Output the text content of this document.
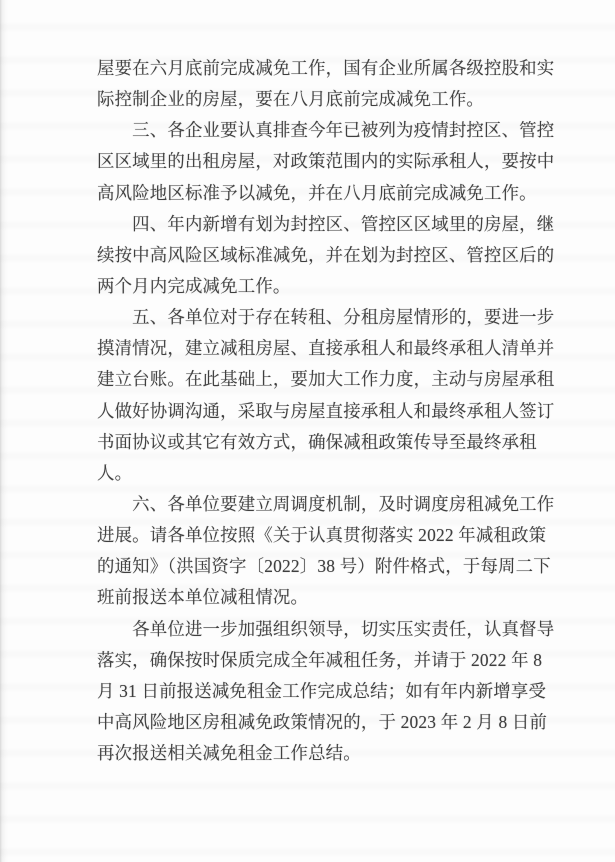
屋要在六月底前完成减免工作，国有企业所属各级控股和实
际控制企业的房屋，要在八月底前完成减免工作。

　　三、各企业要认真排查今年已被列为疫情封控区、管控
区区域里的出租房屋，对政策范围内的实际承租人，要按中
高风险地区标准予以减免，并在八月底前完成减免工作。

　　四、年内新增有划为封控区、管控区区域里的房屋，继
续按中高风险区域标准减免，并在划为封控区、管控区后的
两个月内完成减免工作。

　　五、各单位对于存在转租、分租房屋情形的，要进一步
摸清情况，建立减租房屋、直接承租人和最终承租人清单并
建立台账。在此基础上，要加大工作力度，主动与房屋承租
人做好协调沟通，采取与房屋直接承租人和最终承租人签订
书面协议或其它有效方式，确保减租政策传导至最终承租
人。

　　六、各单位要建立周调度机制，及时调度房租减免工作
进展。请各单位按照《关于认真贯彻落实 2022 年减租政策
的通知》（洪国资字〔2022〕38 号）附件格式，于每周二下
班前报送本单位减租情况。

　　各单位进一步加强组织领导，切实压实责任，认真督导
落实，确保按时保质完成全年减租任务，并请于 2022 年 8
月 31 日前报送减免租金工作完成总结；如有年内新增享受
中高风险地区房租减免政策情况的，于 2023 年 2 月 8 日前
再次报送相关减免租金工作总结。
